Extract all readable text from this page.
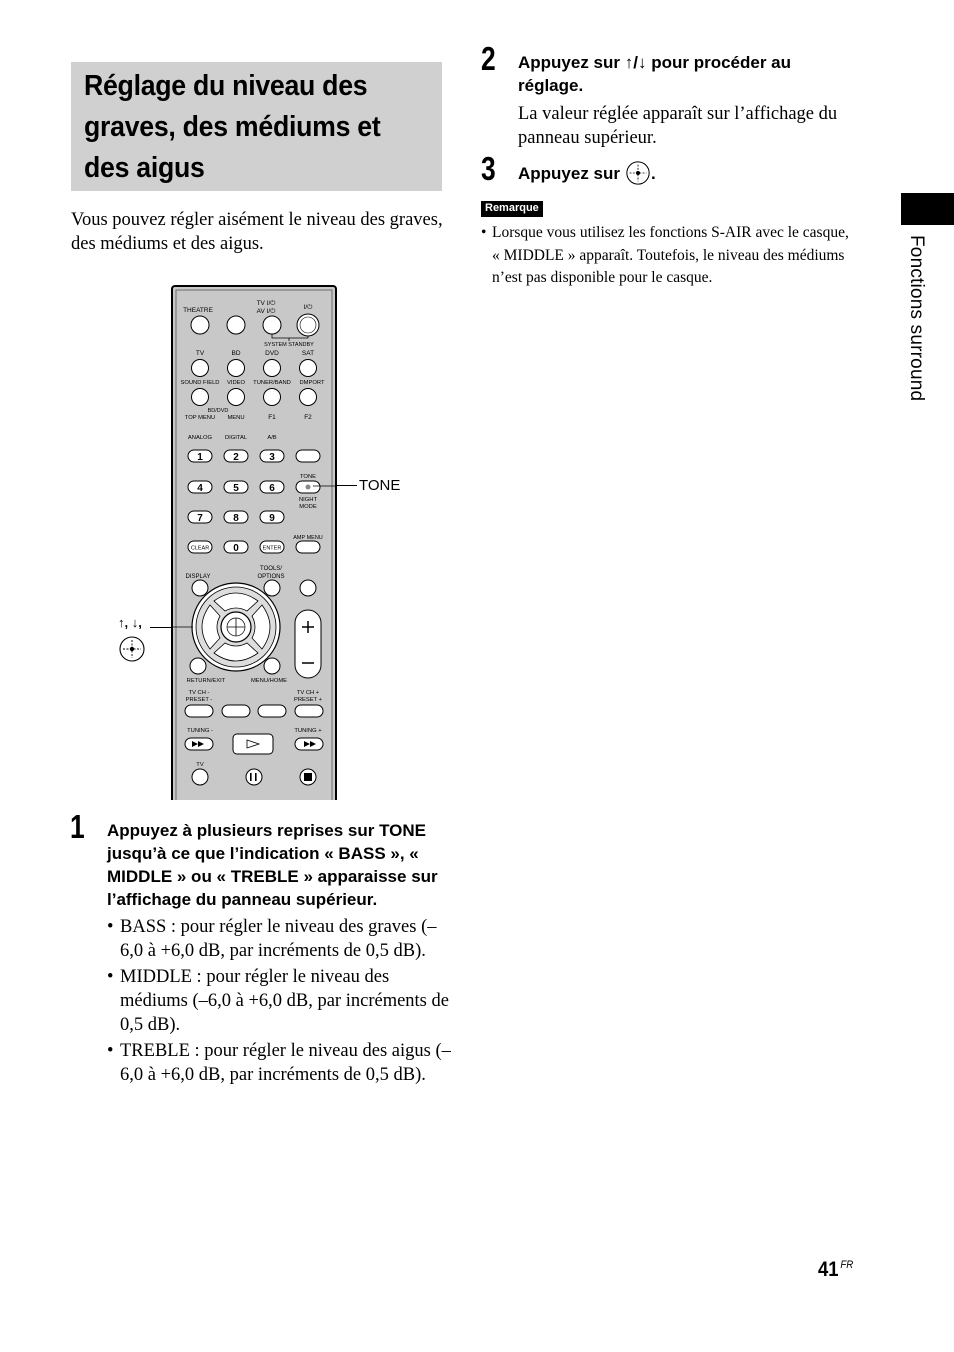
Réglage du niveau des graves, des médiums et des aigus
Vous pouvez régler aisément le niveau des graves, des médiums et des aigus.	Fonctions surround
THEATRE
TV I/⏻
AV I/⏻
I/⏻
SYSTEM STANDBY
TV	BD	DVD	SAT
SOUND FIELD VIDEO TUNER/BAND DMPORT
BD/DVD
TOP MENU MENU	F1	F2
ANALOG DIGITAL	A/B
TONE
NIGHT
MODE
AMP MENU
DISPLAY
TOOLS/
OPTIONS
RETURN/EXIT	MENU/HOME
TV CH -
PRESET -
TV CH +
PRESET +
TUNING -	TUNING +
TV
1	2	3
4	5	6
7	8	9
0
CLEAR	ENTER
TONE
↑, ↓,
1 Appuyez à plusieurs reprises sur TONE jusqu’à ce que l’indication « BASS », « MIDDLE » ou « TREBLE » apparaisse sur l’affichage du panneau supérieur.
• BASS : pour régler le niveau des graves (–6,0 à +6,0 dB, par incréments de 0,5 dB).
• MIDDLE : pour régler le niveau des médiums (–6,0 à +6,0 dB, par incréments de 0,5 dB).
• TREBLE : pour régler le niveau des aigus (–6,0 à +6,0 dB, par incréments de 0,5 dB).
2 Appuyez sur ↑/↓ pour procéder au réglage.
La valeur réglée apparaît sur l’affichage du panneau supérieur.
3 Appuyez sur .
Remarque
• Lorsque vous utilisez les fonctions S-AIR avec le casque, « MIDDLE » apparaît. Toutefois, le niveau des médiums n’est pas disponible pour le casque.
41 $^{FR}$
